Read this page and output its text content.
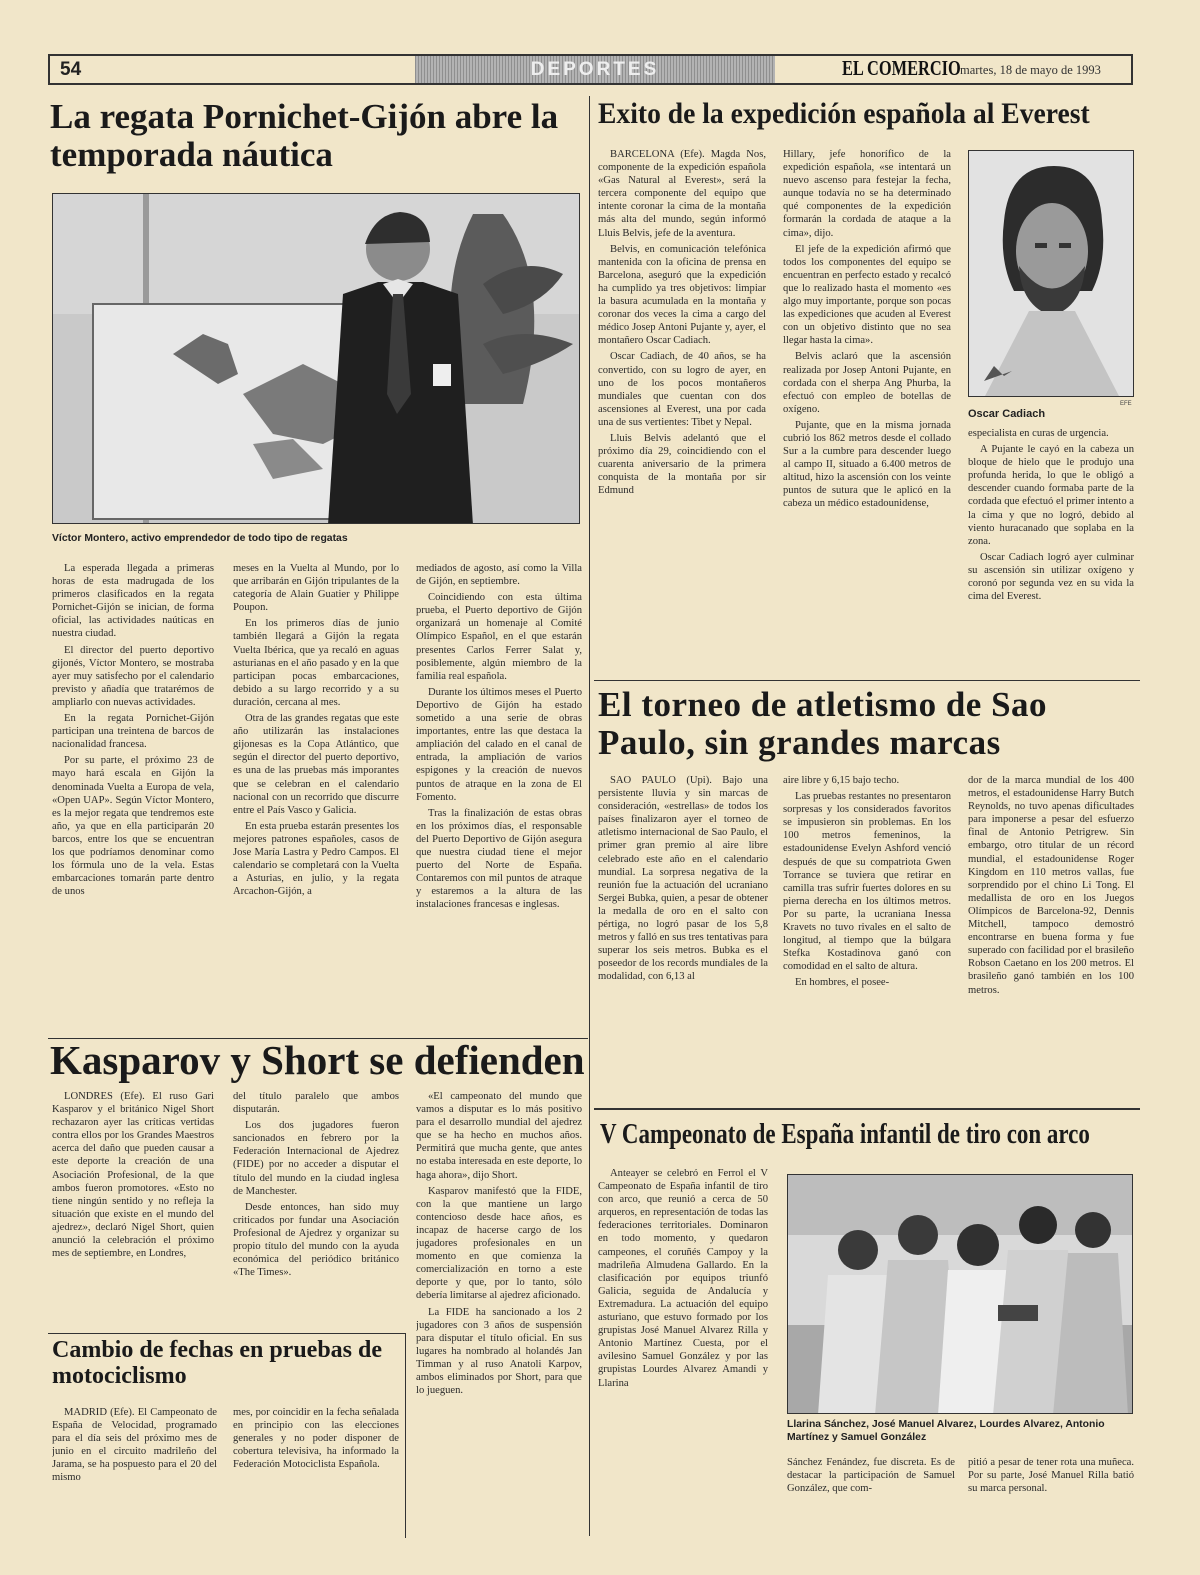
54	DEPORTES	EL COMERCIO martes, 18 de mayo de 1993
La regata Pornichet-Gijón abre la temporada náutica
Víctor Montero, activo emprendedor de todo tipo de regatas

La esperada llegada a primeras horas de esta madrugada de los primeros clasificados en la regata Pornichet-Gijón se inician, de forma oficial, las actividades naúticas en nuestra ciudad.

El director del puerto deportivo gijonés, Víctor Montero, se mostraba ayer muy satisfecho por el calendario previsto y añadía que tratarémos de ampliarlo con nuevas actividades.

En la regata Pornichet-Gijón participan una treintena de barcos de nacionalidad francesa.

Por su parte, el próximo 23 de mayo hará escala en Gijón la denominada Vuelta a Europa de vela, «Open UAP». Según Víctor Montero, es la mejor regata que tendremos este año, ya que en ella participarán 20 barcos, entre los que se encuentran los que podríamos denominar como los fórmula uno de la vela. Estas embarcaciones tomarán parte dentro de unos

meses en la Vuelta al Mundo, por lo que arribarán en Gijón tripulantes de la categoría de Alain Guatier y Philippe Poupon.

En los primeros días de junio también llegará a Gijón la regata Vuelta Ibérica, que ya recaló en aguas asturianas en el año pasado y en la que participan pocas embarcaciones, debido a su largo recorrido y a su duración, cercana al mes.

Otra de las grandes regatas que este año utilizarán las instalaciones gijonesas es la Copa Atlántico, que según el director del puerto deportivo, es una de las pruebas más imporantes que se celebran en el calendario nacional con un recorrido que discurre entre el País Vasco y Galicia.

En esta prueba estarán presentes los mejores patrones españoles, casos de Jose María Lastra y Pedro Campos. El calendario se completará con la Vuelta a Asturias, en julio, y la regata Arcachon-Gijón, a

mediados de agosto, así como la Villa de Gijón, en septiembre.

Coincidiendo con esta última prueba, el Puerto deportivo de Gijón organizará un homenaje al Comité Olímpico Español, en el que estarán presentes Carlos Ferrer Salat y, posiblemente, algún miembro de la familia real española.

Durante los últimos meses el Puerto Deportivo de Gijón ha estado sometido a una serie de obras importantes, entre las que destaca la ampliación del calado en el canal de entrada, la ampliación de varios espigones y la creación de nuevos puntos de atraque en la zona de El Fomento.

Tras la finalización de estas obras en los próximos días, el responsable del Puerto Deportivo de Gijón asegura que nuestra ciudad tiene el mejor puerto del Norte de España. Contaremos con mil puntos de atraque y estaremos a la altura de las instalaciones francesas e inglesas.

Kasparov y Short se defienden

LONDRES (Efe). El ruso Gari Kasparov y el británico Nigel Short rechazaron ayer las críticas vertidas contra ellos por los Grandes Maestros acerca del daño que pueden causar a este deporte la creación de una Asociación Profesional, de la que ambos fueron promotores. «Esto no tiene ningún sentido y no refleja la situación que existe en el mundo del ajedrez», declaró Nigel Short, quien anunció la celebración el próximo mes de septiembre, en Londres,

del título paralelo que ambos disputarán.

Los dos jugadores fueron sancionados en febrero por la Federación Internacional de Ajedrez (FIDE) por no acceder a disputar el título del mundo en la ciudad inglesa de Manchester.

Desde entonces, han sido muy criticados por fundar una Asociación Profesional de Ajedrez y organizar su propio título del mundo con la ayuda económica del periódico británico «The Times».

«El campeonato del mundo que vamos a disputar es lo más positivo para el desarrollo mundial del ajedrez que se ha hecho en muchos años. Permitirá que mucha gente, que antes no estaba interesada en este deporte, lo haga ahora», dijo Short.

Kasparov manifestó que la FIDE, con la que mantiene un largo contencioso desde hace años, es incapaz de hacerse cargo de los jugadores profesionales en un momento en que comienza la comercialización en torno a este deporte y que, por lo tanto, sólo debería limitarse al ajedrez aficionado.

La FIDE ha sancionado a los 2 jugadores con 3 años de suspensión para disputar el título oficial. En sus lugares ha nombrado al holandés Jan Timman y al ruso Anatoli Karpov, ambos eliminados por Short, para que lo jueguen.

Cambio de fechas en pruebas de motociclismo

MADRID (Efe). El Campeonato de España de Velocidad, programado para el día seis del próximo mes de junio en el circuito madrileño del Jarama, se ha pospuesto para el 20 del mismo

mes, por coincidir en la fecha señalada en principio con las elecciones generales y no poder disponer de cobertura televisiva, ha informado la Federación Motociclista Española.

Exito de la expedición española al Everest

BARCELONA (Efe). Magda Nos, componente de la expedición española «Gas Natural al Everest», será la tercera componente del equipo que intente coronar la cima de la montaña más alta del mundo, según informó Lluis Belvis, jefe de la aventura.

Belvis, en comunicación telefónica mantenida con la oficina de prensa en Barcelona, aseguró que la expedición ha cumplido ya tres objetivos: limpiar la basura acumulada en la montaña y coronar dos veces la cima a cargo del médico Josep Antoni Pujante y, ayer, el montañero Oscar Cadiach.

Oscar Cadiach, de 40 años, se ha convertido, con su logro de ayer, en uno de los pocos montañeros mundiales que cuentan con dos ascensiones al Everest, una por cada una de sus vertientes: Tibet y Nepal.

Lluis Belvis adelantó que el próximo día 29, coincidiendo con el cuarenta aniversario de la primera conquista de la montaña por sir Edmund

Hillary, jefe honorífico de la expedición española, «se intentará un nuevo ascenso para festejar la fecha, aunque todavía no se ha determinado qué componentes de la expedición formarán la cordada de ataque a la cima», dijo.

El jefe de la expedición afirmó que todos los componentes del equipo se encuentran en perfecto estado y recalcó que lo realizado hasta el momento «es algo muy importante, porque son pocas las expediciones que acuden al Everest con un objetivo distinto que no sea llegar hasta la cima».

Belvis aclaró que la ascensión realizada por Josep Antoni Pujante, en cordada con el sherpa Ang Phurba, la efectuó con empleo de botellas de oxígeno.

Pujante, que en la misma jornada cubrió los 862 metros desde el collado Sur a la cumbre para descender luego al campo II, situado a 6.400 metros de altitud, hizo la ascensión con los veinte puntos de sutura que le aplicó en la cabeza un médico estadounidense,

EFE
Oscar Cadiach

especialista en curas de urgencia.

A Pujante le cayó en la cabeza un bloque de hielo que le produjo una profunda herida, lo que le obligó a descender cuando formaba parte de la cordada que efectuó el primer intento a la cima y que no logró, debido al viento huracanado que soplaba en la zona.

Oscar Cadiach logró ayer culminar su ascensión sin utilizar oxígeno y coronó por segunda vez en su vida la cima del Everest.

El torneo de atletismo de Sao Paulo, sin grandes marcas

SAO PAULO (Upi). Bajo una persistente lluvia y sin marcas de consideración, «estrellas» de todos los países finalizaron ayer el torneo de atletismo internacional de Sao Paulo, el primer gran premio al aire libre celebrado este año en el calendario mundial. La sorpresa negativa de la reunión fue la actuación del ucraniano Sergei Bubka, quien, a pesar de obtener la medalla de oro en el salto con pértiga, no logró pasar de los 5,8 metros y falló en sus tres tentativas para superar los seis metros. Bubka es el poseedor de los records mundiales de la modalidad, con 6,13 al

aire libre y 6,15 bajo techo.

Las pruebas restantes no presentaron sorpresas y los considerados favoritos se impusieron sin problemas. En los 100 metros femeninos, la estadounidense Evelyn Ashford venció después de que su compatriota Gwen Torrance se tuviera que retirar en camilla tras sufrir fuertes dolores en su pierna derecha en los últimos metros. Por su parte, la ucraniana Inessa Kravets no tuvo rivales en el salto de longitud, al tiempo que la búlgara Stefka Kostadinova ganó con comodidad en el salto de altura.

En hombres, el posee-

dor de la marca mundial de los 400 metros, el estadounidense Harry Butch Reynolds, no tuvo apenas dificultades para imponerse a pesar del esfuerzo final de Antonio Petrigrew. Sin embargo, otro titular de un récord mundial, el estadounidense Roger Kingdom en 110 metros vallas, fue sorprendido por el chino Li Tong. El medallista de oro en los Juegos Olímpicos de Barcelona-92, Dennis Mitchell, tampoco demostró encontrarse en buena forma y fue superado con facilidad por el brasileño Robson Caetano en los 200 metros. El brasileño ganó también en los 100 metros.

V Campeonato de España infantil de tiro con arco

Anteayer se celebró en Ferrol el V Campeonato de España infantil de tiro con arco, que reunió a cerca de 50 arqueros, en representación de todas las federaciones territoriales. Dominaron en todo momento, y quedaron campeones, el coruñés Campoy y la madrileña Almudena Gallardo. En la clasificación por equipos triunfó Galicia, seguida de Andalucía y Extremadura. La actuación del equipo asturiano, que estuvo formado por los grupistas José Manuel Alvarez Rilla y Antonio Martínez Cuesta, por el avilesino Samuel González y por las grupistas Lourdes Alvarez Amandi y Llarina

Llarina Sánchez, José Manuel Alvarez, Lourdes Alvarez, Antonio Martínez y Samuel González

Sánchez Fenández, fue discreta. Es de destacar la participación de Samuel González, que com-

pitió a pesar de tener rota una muñeca. Por su parte, José Manuel Rilla batió su marca personal.
